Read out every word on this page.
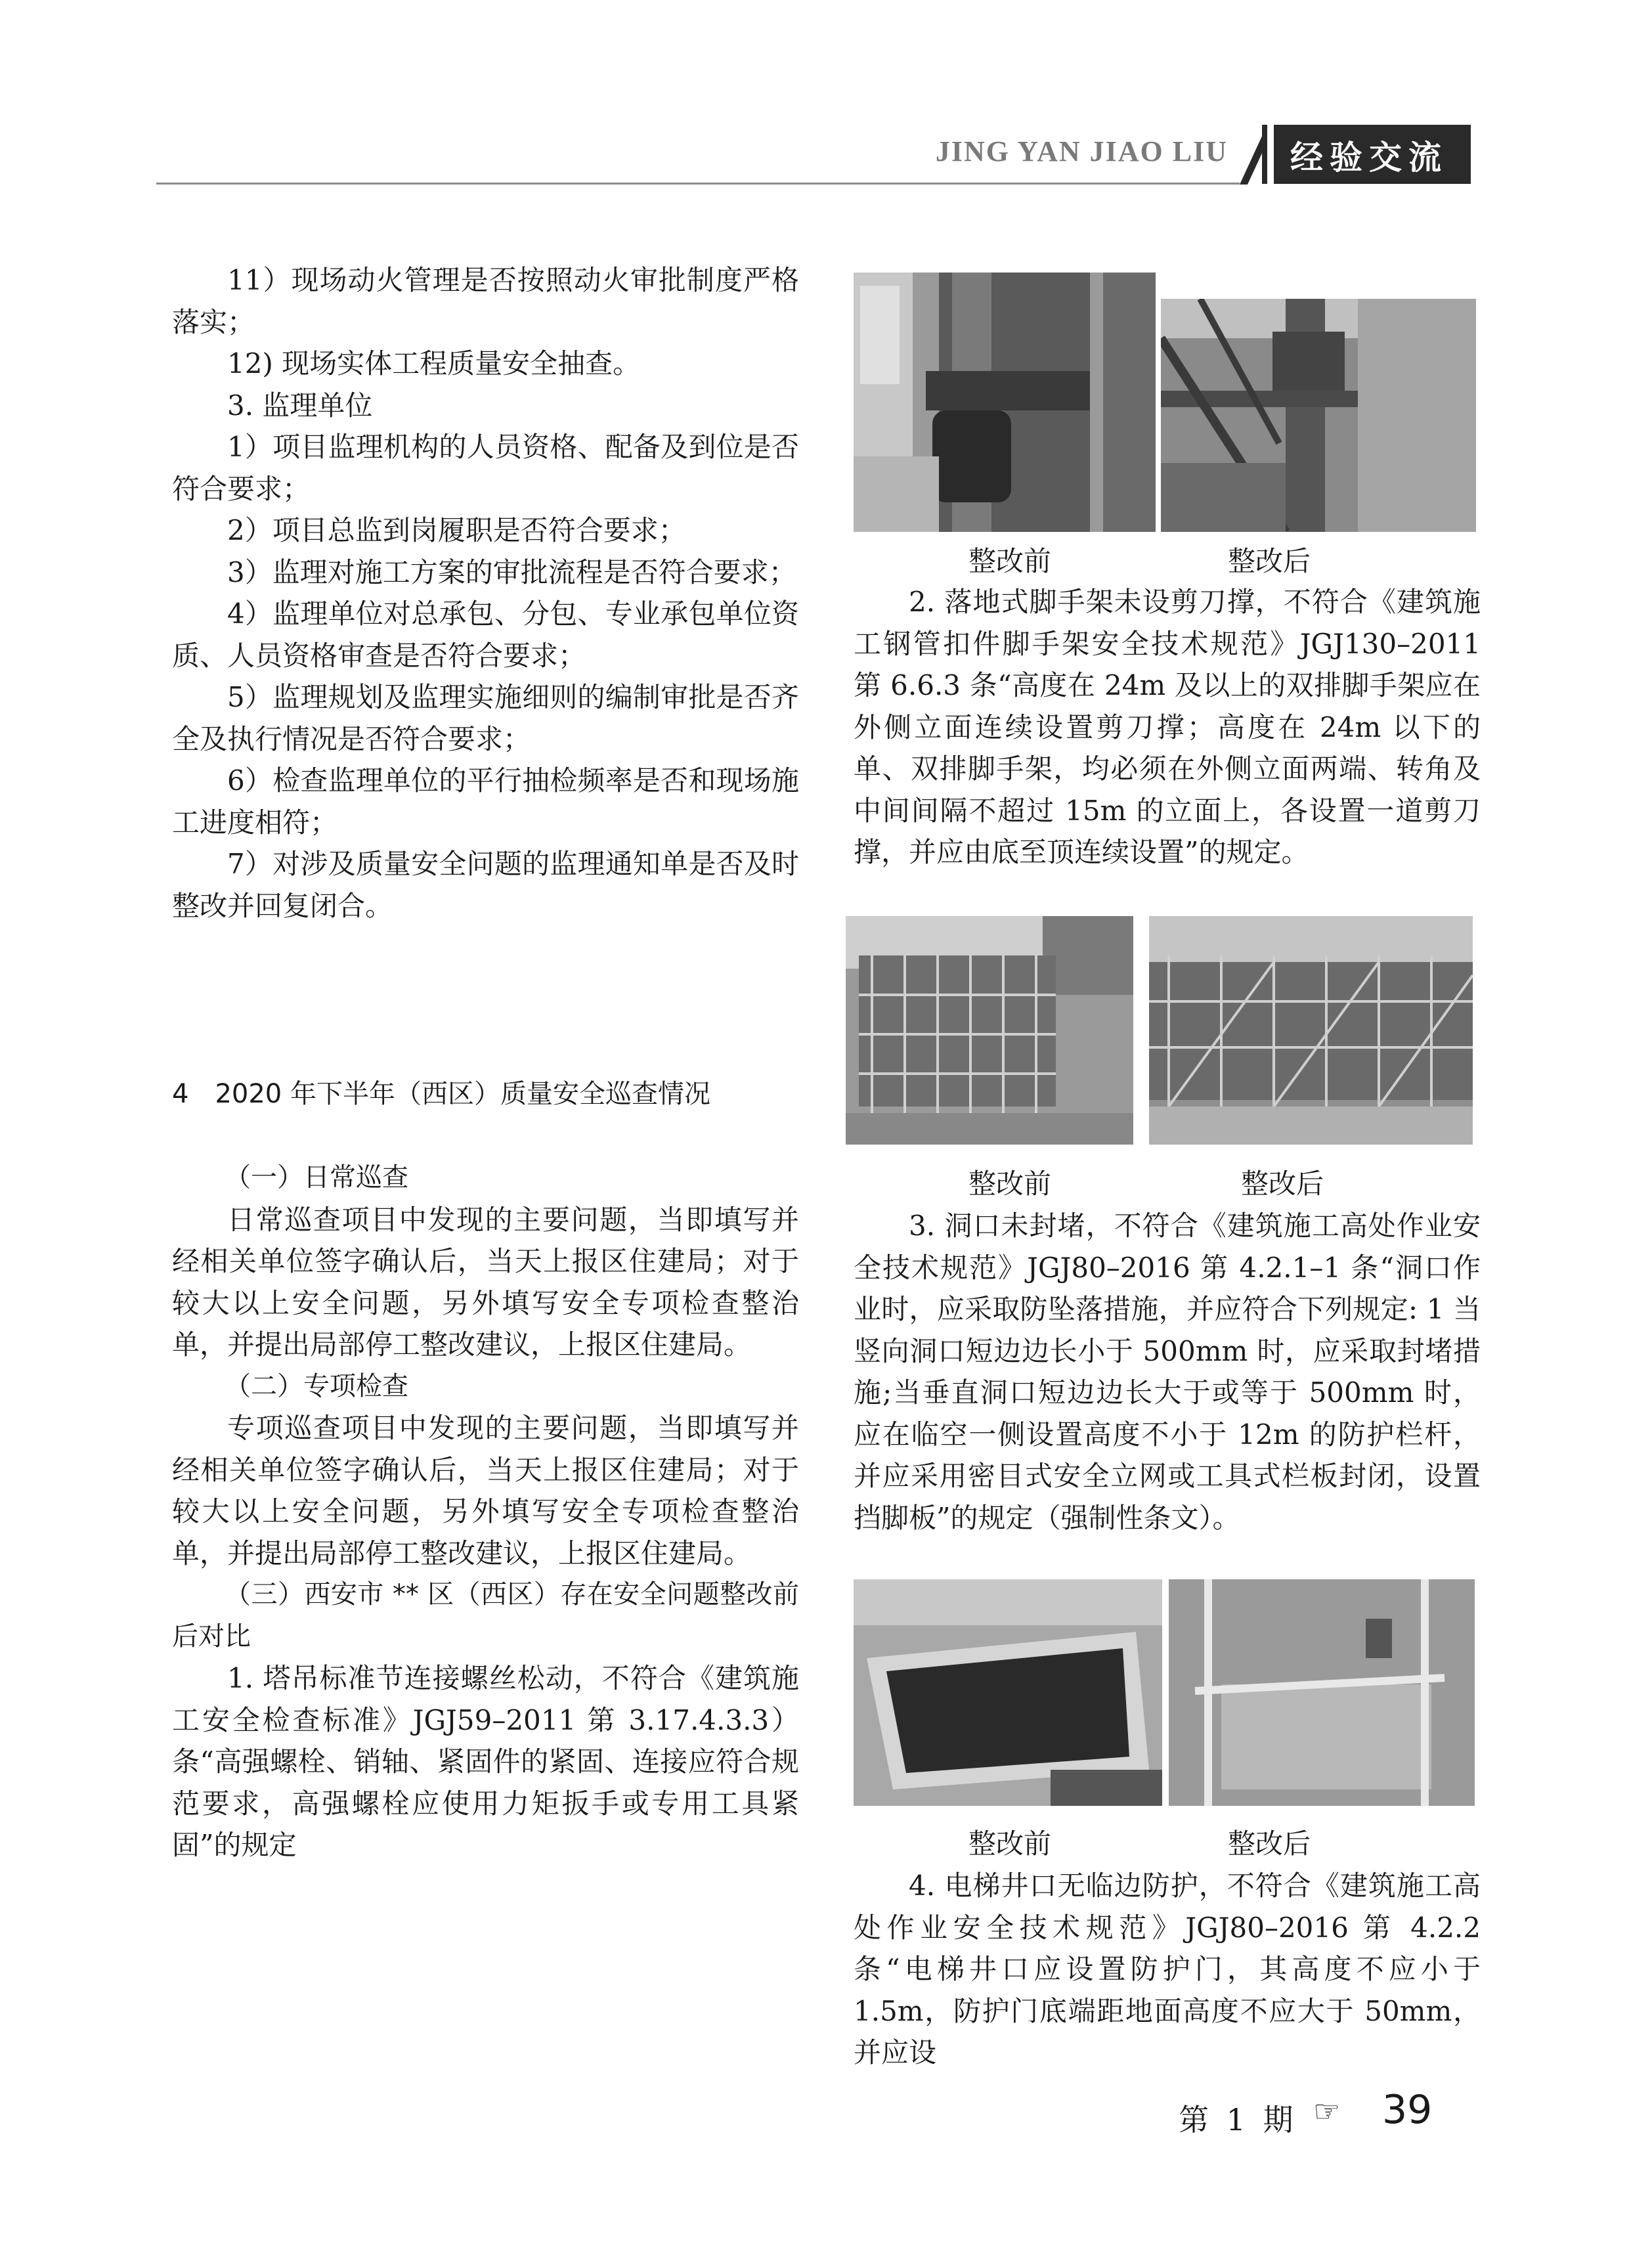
JING YAN JIAO LIU	经验交流

11）现场动火管理是否按照动火审批制度严格落实；

12) 现场实体工程质量安全抽查。

3. 监理单位

1）项目监理机构的人员资格、配备及到位是否符合要求；

2）项目总监到岗履职是否符合要求；

3）监理对施工方案的审批流程是否符合要求；

4）监理单位对总承包、分包、专业承包单位资质、人员资格审查是否符合要求；

5）监理规划及监理实施细则的编制审批是否齐全及执行情况是否符合要求；

6）检查监理单位的平行抽检频率是否和现场施工进度相符；

7）对涉及质量安全问题的监理通知单是否及时整改并回复闭合。

4　2020 年下半年（西区）质量安全巡查情况

（一）日常巡查

日常巡查项目中发现的主要问题，当即填写并经相关单位签字确认后，当天上报区住建局；对于较大以上安全问题，另外填写安全专项检查整治单，并提出局部停工整改建议，上报区住建局。

（二）专项检查

专项巡查项目中发现的主要问题，当即填写并经相关单位签字确认后，当天上报区住建局；对于较大以上安全问题，另外填写安全专项检查整治单，并提出局部停工整改建议，上报区住建局。

（三）西安市 ** 区（西区）存在安全问题整改前后对比

1. 塔吊标准节连接螺丝松动，不符合《建筑施工安全检查标准》JGJ59–2011 第 3.17.4.3.3）条“高强螺栓、销轴、紧固件的紧固、连接应符合规范要求，高强螺栓应使用力矩扳手或专用工具紧固”的规定

整改前	整改后

2. 落地式脚手架未设剪刀撑，不符合《建筑施工钢管扣件脚手架安全技术规范》JGJ130–2011 第 6.6.3 条“高度在 24m 及以上的双排脚手架应在外侧立面连续设置剪刀撑；高度在 24m 以下的单、双排脚手架，均必须在外侧立面两端、转角及中间间隔不超过 15m 的立面上，各设置一道剪刀撑，并应由底至顶连续设置”的规定。

整改前	整改后

3. 洞口未封堵，不符合《建筑施工高处作业安全技术规范》JGJ80–2016 第 4.2.1–1 条“洞口作业时，应采取防坠落措施，并应符合下列规定: 1 当竖向洞口短边边长小于 500mm 时，应采取封堵措施;当垂直洞口短边边长大于或等于 500mm 时，应在临空一侧设置高度不小于 12m 的防护栏杆，并应采用密目式安全立网或工具式栏板封闭，设置挡脚板”的规定（强制性条文）。

整改前	整改后

4. 电梯井口无临边防护，不符合《建筑施工高处作业安全技术规范》JGJ80–2016 第 4.2.2 条“电梯井口应设置防护门，其高度不应小于 1.5m，防护门底端距地面高度不应大于 50mm，并应设

第 1 期 ☞ 39
